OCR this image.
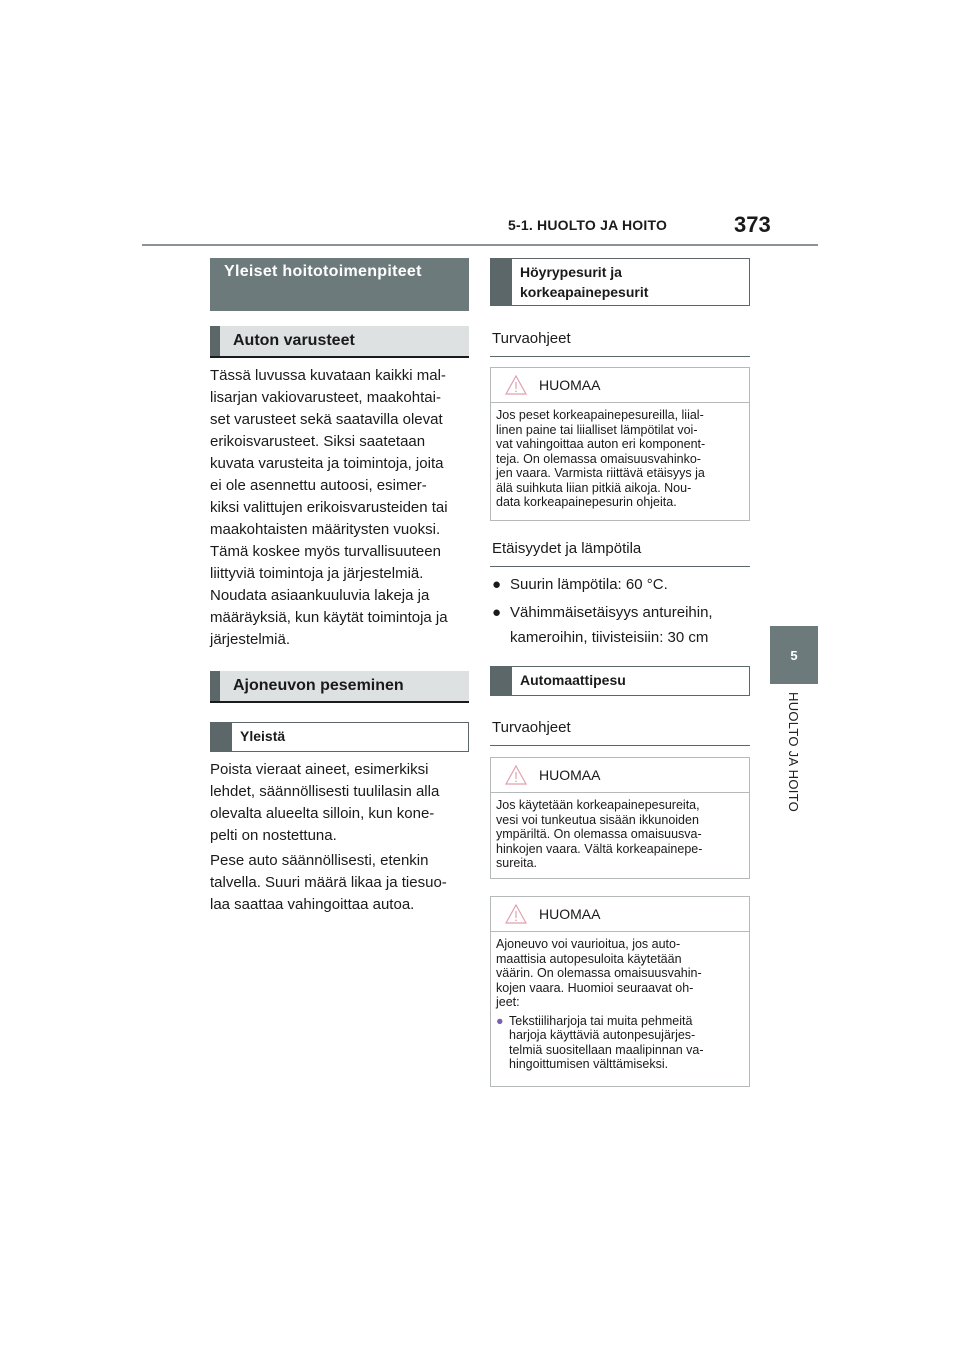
5-1. HUOLTO JA HOITO	373
5
HUOLTO JA HOITO
Yleiset hoitotoimenpiteet
Auton varusteet

Tässä luvussa kuvataan kaikki mal-

lisarjan vakiovarusteet, maakohtai-

set varusteet sekä saatavilla olevat

erikoisvarusteet. Siksi saatetaan

kuvata varusteita ja toimintoja, joita

ei ole asennettu autoosi, esimer-

kiksi valittujen erikoisvarusteiden tai

maakohtaisten määritysten vuoksi.

Tämä koskee myös turvallisuuteen

liittyviä toimintoja ja järjestelmiä.

Noudata asiaankuuluvia lakeja ja

määräyksiä, kun käytät toimintoja ja

järjestelmiä.

Ajoneuvon peseminen
Yleistä

Poista vieraat aineet, esimerkiksi

lehdet, säännöllisesti tuulilasin alla

olevalta alueelta silloin, kun kone-

pelti on nostettuna.

Pese auto säännöllisesti, etenkin

talvella. Suuri määrä likaa ja tiesuo-

laa saattaa vahingoittaa autoa.

Höyrypesurit ja
korkeapainepesurit
Turvaohjeet
HUOMAA
Jos peset korkeapainepesureilla, liial-
linen paine tai liialliset lämpötilat voi-
vat vahingoittaa auton eri komponent-
teja. On olemassa omaisuusvahinko-
jen vaara. Varmista riittävä etäisyys ja
älä suihkuta liian pitkiä aikoja. Nou-
data korkeapainepesurin ohjeita.
Etäisyydet ja lämpötila
● Suurin lämpötila: 60 °C.
● Vähimmäisetäisyys antureihin,
kameroihin, tiivisteisiin: 30 cm
Automaattipesu
Turvaohjeet
HUOMAA
Jos käytetään korkeapainepesureita,
vesi voi tunkeutua sisään ikkunoiden
ympäriltä. On olemassa omaisuusva-
hinkojen vaara. Vältä korkeapainepe-
sureita.
HUOMAA
Ajoneuvo voi vaurioitua, jos auto-
maattisia autopesuloita käytetään
väärin. On olemassa omaisuusvahin-
kojen vaara. Huomioi seuraavat oh-
jeet:
● Tekstiiliharjoja tai muita pehmeitä
harjoja käyttäviä autonpesujärjes-
telmiä suositellaan maalipinnan va-
hingoittumisen välttämiseksi.
